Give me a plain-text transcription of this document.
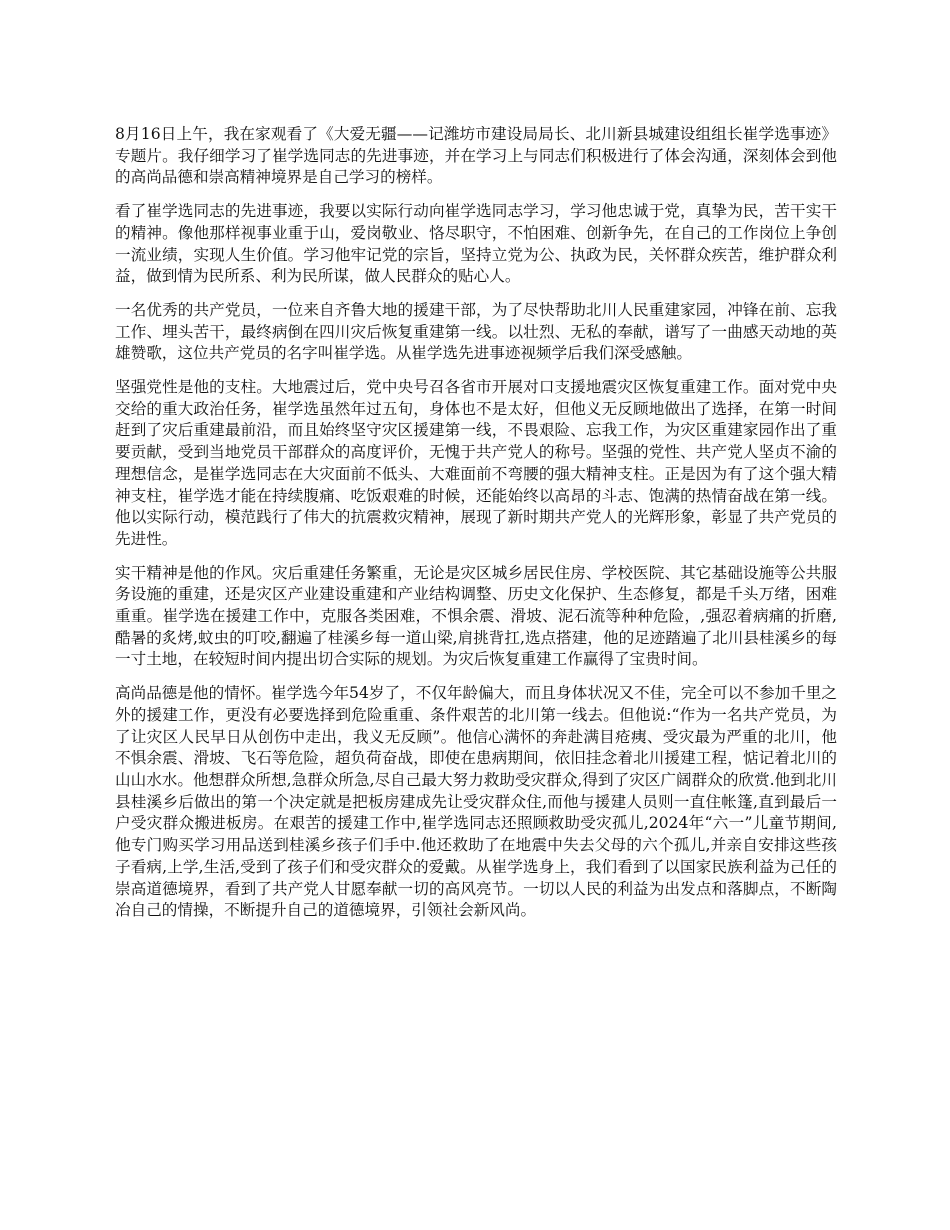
8月16日上午，我在家观看了《大爱无疆——记潍坊市建设局局长、北川新县城建设组组长崔学选事迹》专题片。我仔细学习了崔学选同志的先进事迹，并在学习上与同志们积极进行了体会沟通，深刻体会到他的高尚品德和崇高精神境界是自己学习的榜样。

看了崔学选同志的先进事迹，我要以实际行动向崔学选同志学习，学习他忠诚于党，真挚为民，苦干实干的精神。像他那样视事业重于山，爱岗敬业、恪尽职守，不怕困难、创新争先，在自己的工作岗位上争创一流业绩，实现人生价值。学习他牢记党的宗旨，坚持立党为公、执政为民，关怀群众疾苦，维护群众利益，做到情为民所系、利为民所谋，做人民群众的贴心人。

一名优秀的共产党员，一位来自齐鲁大地的援建干部，为了尽快帮助北川人民重建家园，冲锋在前、忘我工作、埋头苦干，最终病倒在四川灾后恢复重建第一线。以壮烈、无私的奉献，谱写了一曲感天动地的英雄赞歌，这位共产党员的名字叫崔学选。从崔学选先进事迹视频学后我们深受感触。

坚强党性是他的支柱。大地震过后，党中央号召各省市开展对口支援地震灾区恢复重建工作。面对党中央交给的重大政治任务，崔学选虽然年过五旬，身体也不是太好，但他义无反顾地做出了选择，在第一时间赶到了灾后重建最前沿，而且始终坚守灾区援建第一线，不畏艰险、忘我工作，为灾区重建家园作出了重要贡献，受到当地党员干部群众的高度评价，无愧于共产党人的称号。坚强的党性、共产党人坚贞不渝的理想信念，是崔学选同志在大灾面前不低头、大难面前不弯腰的强大精神支柱。正是因为有了这个强大精神支柱，崔学选才能在持续腹痛、吃饭艰难的时候，还能始终以高昂的斗志、饱满的热情奋战在第一线。他以实际行动，模范践行了伟大的抗震救灾精神，展现了新时期共产党人的光辉形象，彰显了共产党员的先进性。

实干精神是他的作风。灾后重建任务繁重，无论是灾区城乡居民住房、学校医院、其它基础设施等公共服务设施的重建，还是灾区产业建设重建和产业结构调整、历史文化保护、生态修复，都是千头万绪，困难重重。崔学选在援建工作中，克服各类困难，不惧余震、滑坡、泥石流等种种危险，,强忍着病痛的折磨,酷暑的炙烤,蚊虫的叮咬,翻遍了桂溪乡每一道山梁,肩挑背扛,选点搭建，他的足迹踏遍了北川县桂溪乡的每一寸土地，在较短时间内提出切合实际的规划。为灾后恢复重建工作赢得了宝贵时间。

高尚品德是他的情怀。崔学选今年54岁了，不仅年龄偏大，而且身体状况又不佳，完全可以不参加千里之外的援建工作，更没有必要选择到危险重重、条件艰苦的北川第一线去。但他说:“作为一名共产党员，为了让灾区人民早日从创伤中走出，我义无反顾”。他信心满怀的奔赴满目疮痍、受灾最为严重的北川，他不惧余震、滑坡、飞石等危险，超负荷奋战，即使在患病期间，依旧挂念着北川援建工程，惦记着北川的山山水水。他想群众所想,急群众所急,尽自己最大努力救助受灾群众,得到了灾区广阔群众的欣赏.他到北川县桂溪乡后做出的第一个决定就是把板房建成先让受灾群众住,而他与援建人员则一直住帐篷,直到最后一户受灾群众搬进板房。在艰苦的援建工作中,崔学选同志还照顾救助受灾孤儿,2024年“六一”儿童节期间,他专门购买学习用品送到桂溪乡孩子们手中.他还救助了在地震中失去父母的六个孤儿,并亲自安排这些孩子看病,上学,生活,受到了孩子们和受灾群众的爱戴。从崔学选身上，我们看到了以国家民族利益为己任的崇高道德境界，看到了共产党人甘愿奉献一切的高风亮节。一切以人民的利益为出发点和落脚点，不断陶冶自己的情操，不断提升自己的道德境界，引领社会新风尚。
